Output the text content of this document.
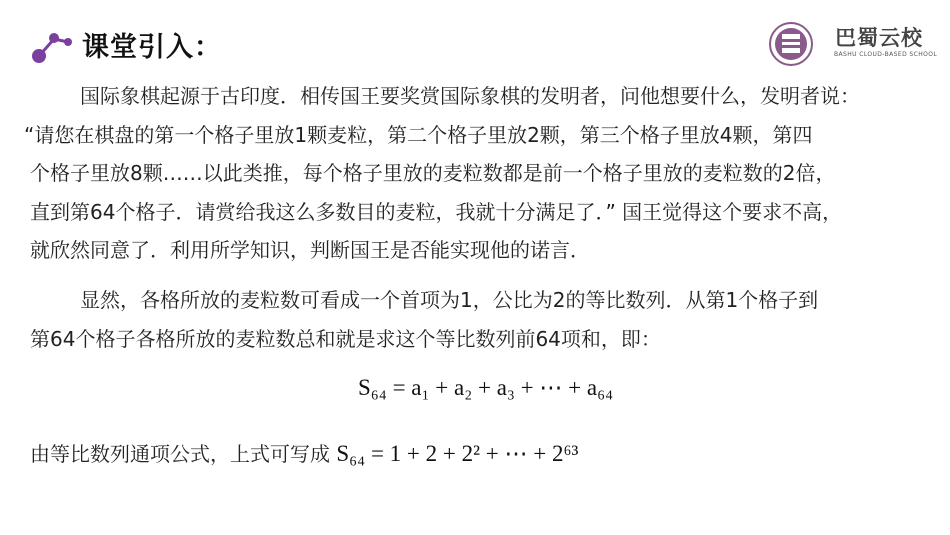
课堂引入：	巴蜀云校
BASHU CLOUD-BASED SCHOOL
国际象棋起源于古印度．相传国王要奖赏国际象棋的发明者，问他想要什么，发明者说：
“请您在棋盘的第一个格子里放1颗麦粒，第二个格子里放2颗，第三个格子里放4颗，第四
个格子里放8颗……以此类推，每个格子里放的麦粒数都是前一个格子里放的麦粒数的2倍，
直到第64个格子．请赏给我这么多数目的麦粒，我就十分满足了．” 国王觉得这个要求不高，
就欣然同意了．利用所学知识，判断国王是否能实现他的诺言．
显然，各格所放的麦粒数可看成一个首项为1，公比为2的等比数列．从第1个格子到
第64个格子各格所放的麦粒数总和就是求这个等比数列前64项和，即：
S₆₄ = a₁ + a₂ + a₃ + ⋯ + a₆₄
由等比数列通项公式，上式可写成 S₆₄ = 1 + 2 + 2² + ⋯ + 2⁶³
